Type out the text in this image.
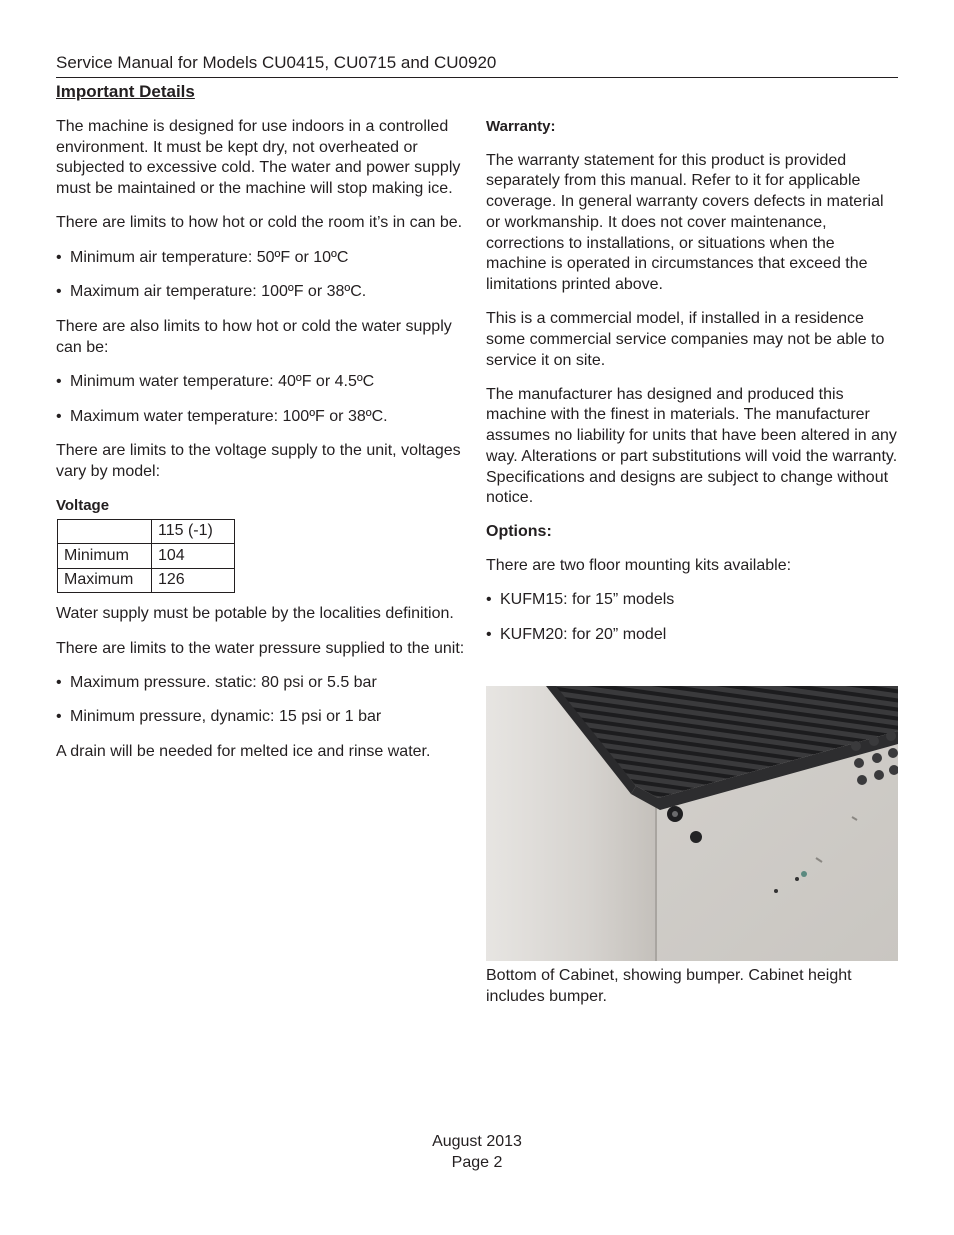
Service Manual for Models CU0415, CU0715 and CU0920
Important Details

The machine is designed for use indoors in a controlled environment. It must be kept dry, not overheated or subjected to excessive cold. The water and power supply must be maintained or the machine will stop making ice.

There are limits to how hot or cold the room it’s in can be.

• Minimum air temperature: 50ºF or 10ºC
• Maximum air temperature: 100ºF or 38ºC.

There are also limits to how hot or cold the water supply can be:

• Minimum water temperature: 40ºF or 4.5ºC
• Maximum water temperature: 100ºF or 38ºC.

There are limits to the voltage supply to the unit, voltages vary by model:

Voltage
	115 (-1)
Minimum	104
Maximum	126

Water supply must be potable by the localities definition.

There are limits to the water pressure supplied to the unit:

• Maximum pressure. static: 80 psi or 5.5 bar
• Minimum pressure, dynamic: 15 psi or 1 bar

A drain will be needed for melted ice and rinse water.

Warranty:

The warranty statement for this product is provided separately from this manual. Refer to it for applicable coverage. In general warranty covers defects in material or workmanship. It does not cover maintenance, corrections to installations, or situations when the machine is operated in circumstances that exceed the limitations printed above.

This is a commercial model, if installed in a residence some commercial service companies may not be able to service it on site.

The manufacturer has designed and produced this machine with the finest in materials. The manufacturer assumes no liability for units that have been altered in any way. Alterations or part substitutions will void the warranty. Specifications and designs are subject to change without notice.

Options:

There are two floor mounting kits available:

• KUFM15: for 15” models
• KUFM20: for 20” model
Bottom of Cabinet, showing bumper. Cabinet height includes bumper.
August 2013
Page 2
